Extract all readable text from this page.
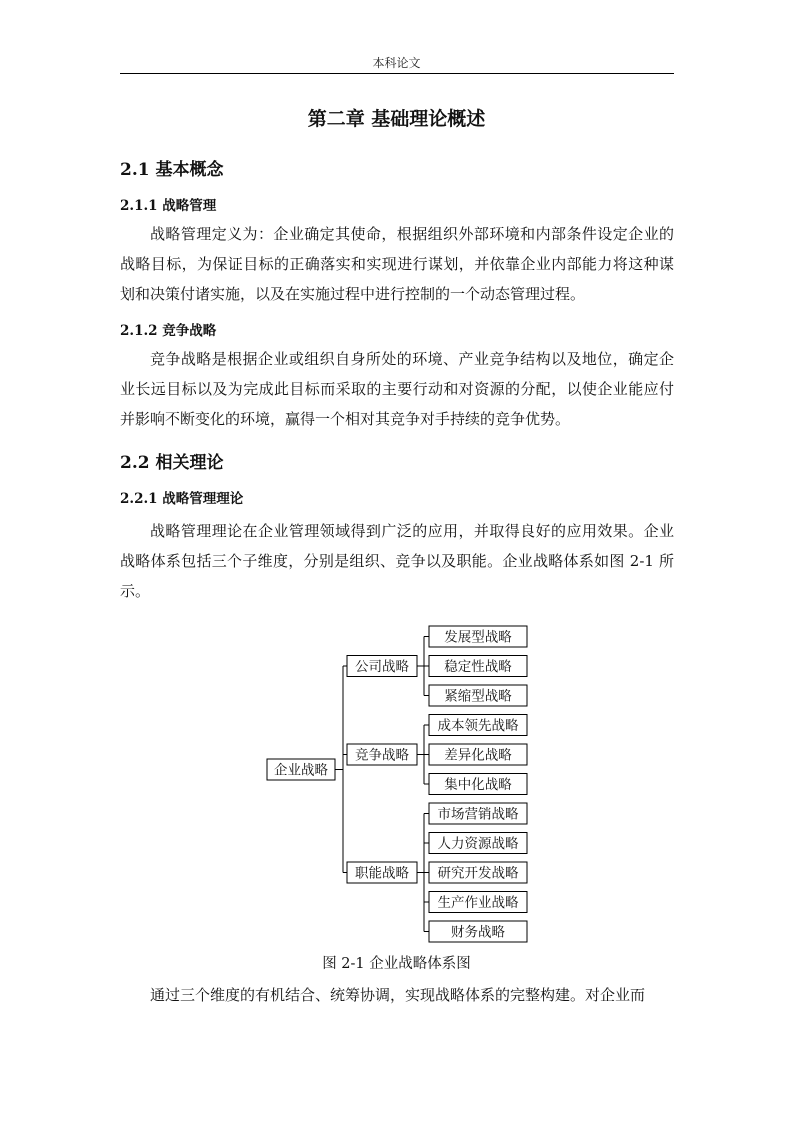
本科论文
第二章 基础理论概述
2.1 基本概念
2.1.1 战略管理

战略管理定义为：企业确定其使命，根据组织外部环境和内部条件设定企业的战略目标，为保证目标的正确落实和实现进行谋划，并依靠企业内部能力将这种谋划和决策付诸实施，以及在实施过程中进行控制的一个动态管理过程。

2.1.2 竞争战略

竞争战略是根据企业或组织自身所处的环境、产业竞争结构以及地位，确定企业长远目标以及为完成此目标而采取的主要行动和对资源的分配，以使企业能应付并影响不断变化的环境，赢得一个相对其竞争对手持续的竞争优势。

2.2 相关理论
2.2.1 战略管理理论

战略管理理论在企业管理领域得到广泛的应用，并取得良好的应用效果。企业战略体系包括三个子维度，分别是组织、竞争以及职能。企业战略体系如图 2-1 所示。

发展型战略
稳定性战略
紧缩型战略
公司战略
成本领先战略
差异化战略
集中化战略
竞争战略
市场营销战略
人力资源战略
研究开发战略
生产作业战略
财务战略
职能战略
企业战略
图 2-1 企业战略体系图

通过三个维度的有机结合、统筹协调，实现战略体系的完整构建。对企业而
